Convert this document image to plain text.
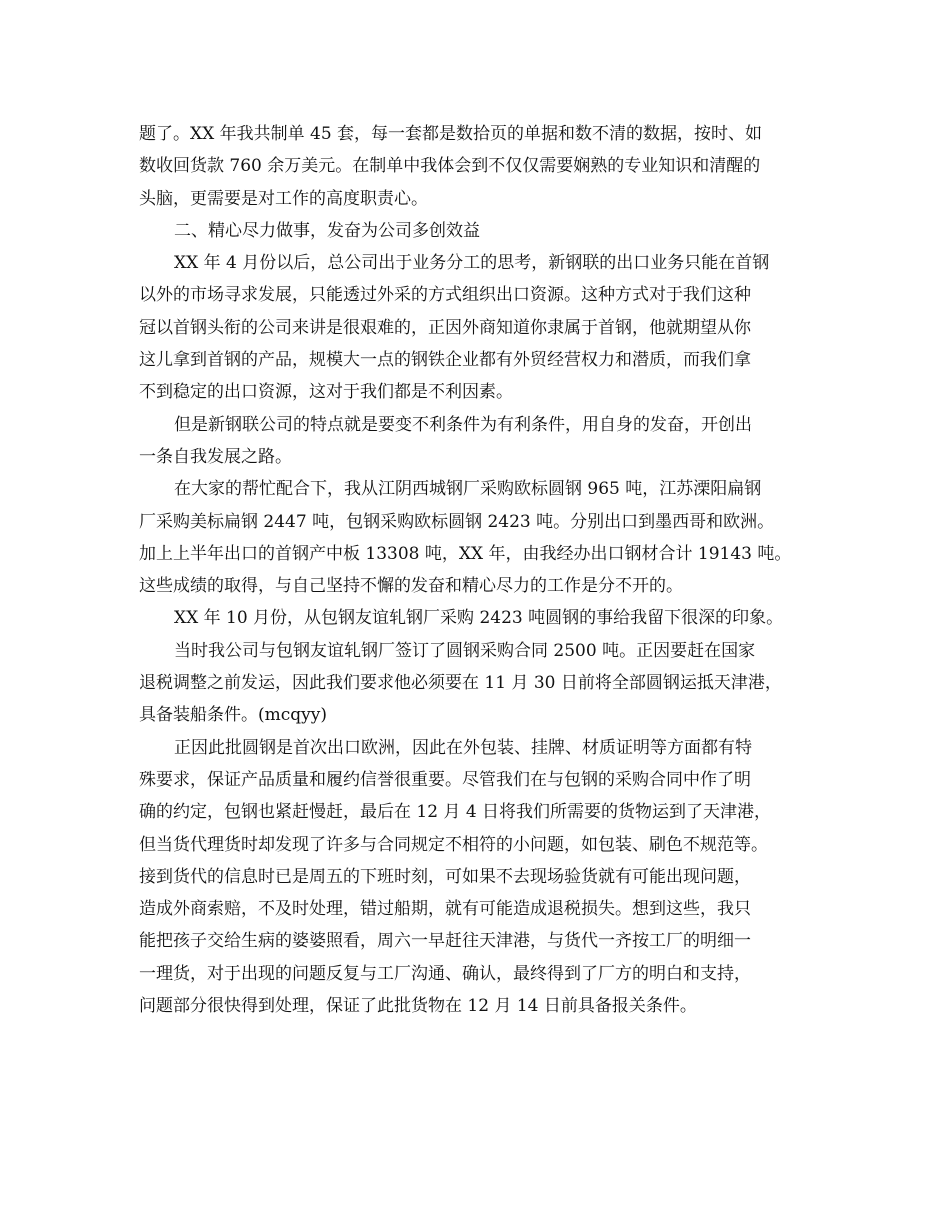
题了。XX 年我共制单 45 套，每一套都是数拾页的单据和数不清的数据，按时、如
数收回货款 760 余万美元。在制单中我体会到不仅仅需要娴熟的专业知识和清醒的
头脑，更需要是对工作的高度职责心。
二、精心尽力做事，发奋为公司多创效益
XX 年 4 月份以后，总公司出于业务分工的思考，新钢联的出口业务只能在首钢
以外的市场寻求发展，只能透过外采的方式组织出口资源。这种方式对于我们这种
冠以首钢头衔的公司来讲是很艰难的，正因外商知道你隶属于首钢，他就期望从你
这儿拿到首钢的产品，规模大一点的钢铁企业都有外贸经营权力和潜质，而我们拿
不到稳定的出口资源，这对于我们都是不利因素。
但是新钢联公司的特点就是要变不利条件为有利条件，用自身的发奋，开创出
一条自我发展之路。
在大家的帮忙配合下，我从江阴西城钢厂采购欧标圆钢 965 吨，江苏溧阳扁钢
厂采购美标扁钢 2447 吨，包钢采购欧标圆钢 2423 吨。分别出口到墨西哥和欧洲。
加上上半年出口的首钢产中板 13308 吨，XX 年，由我经办出口钢材合计 19143 吨。
这些成绩的取得，与自己坚持不懈的发奋和精心尽力的工作是分不开的。
XX 年 10 月份，从包钢友谊轧钢厂采购 2423 吨圆钢的事给我留下很深的印象。
当时我公司与包钢友谊轧钢厂签订了圆钢采购合同 2500 吨。正因要赶在国家
退税调整之前发运，因此我们要求他必须要在 11 月 30 日前将全部圆钢运抵天津港，
具备装船条件。(mcqyy)
正因此批圆钢是首次出口欧洲，因此在外包装、挂牌、材质证明等方面都有特
殊要求，保证产品质量和履约信誉很重要。尽管我们在与包钢的采购合同中作了明
确的约定，包钢也紧赶慢赶，最后在 12 月 4 日将我们所需要的货物运到了天津港，
但当货代理货时却发现了许多与合同规定不相符的小问题，如包装、刷色不规范等。
接到货代的信息时已是周五的下班时刻，可如果不去现场验货就有可能出现问题，
造成外商索赔，不及时处理，错过船期，就有可能造成退税损失。想到这些，我只
能把孩子交给生病的婆婆照看，周六一早赶往天津港，与货代一齐按工厂的明细一
一理货，对于出现的问题反复与工厂沟通、确认，最终得到了厂方的明白和支持，
问题部分很快得到处理，保证了此批货物在 12 月 14 日前具备报关条件。
